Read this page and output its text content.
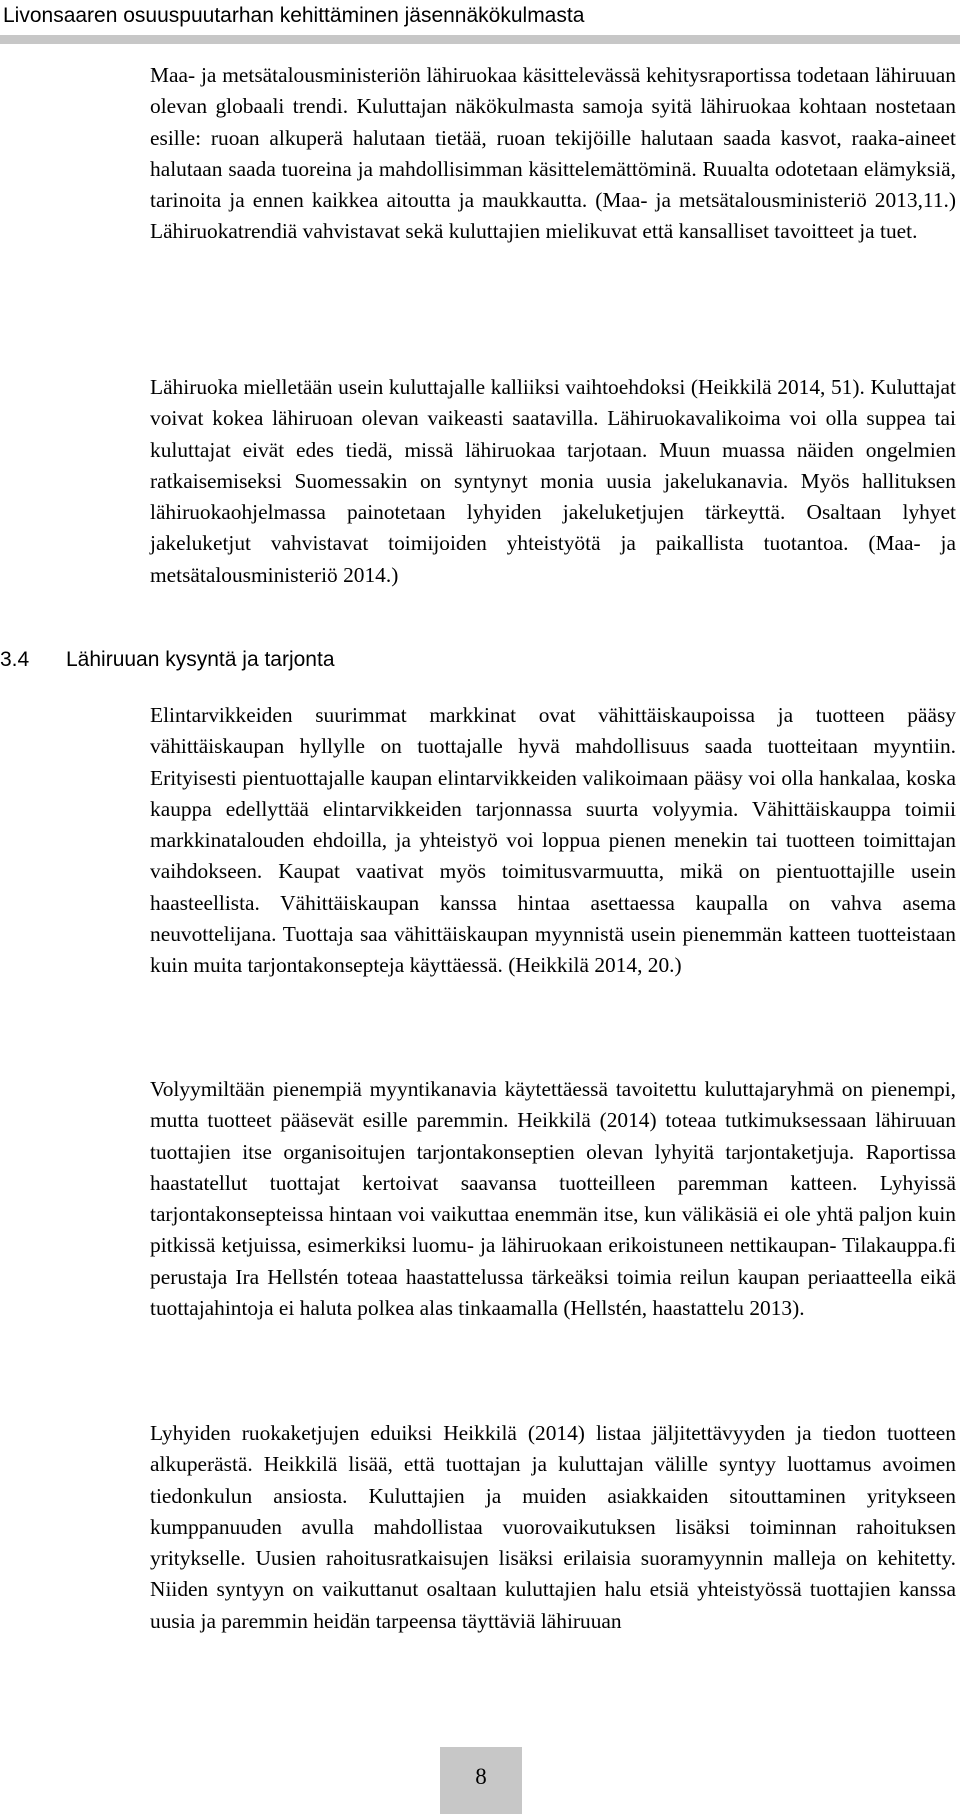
Livonsaaren osuuspuutarhan kehittäminen jäsennäkökulmasta
Maa- ja metsätalousministeriön lähiruokaa käsittelevässä kehitysraportissa todetaan lähiruuan olevan globaali trendi. Kuluttajan näkökulmasta samoja syitä lähiruokaa kohtaan nostetaan esille: ruoan alkuperä halutaan tietää, ruoan tekijöille halutaan saada kasvot, raaka-aineet halutaan saada tuoreina ja mahdollisimman käsittelemättöminä. Ruualta odotetaan elämyksiä, tarinoita ja ennen kaikkea aitoutta ja maukkautta. (Maa- ja metsätalousministeriö 2013,11.) Lähiruokatrendiä vahvistavat sekä kuluttajien mielikuvat että kansalliset tavoitteet ja tuet.
Lähiruoka mielletään usein kuluttajalle kalliiksi vaihtoehdoksi (Heikkilä 2014, 51). Kuluttajat voivat kokea lähiruoan olevan vaikeasti saatavilla. Lähiruokavalikoima voi olla suppea tai kuluttajat eivät edes tiedä, missä lähiruokaa tarjotaan. Muun muassa näiden ongelmien ratkaisemiseksi Suomessakin on syntynyt monia uusia jakelukanavia. Myös hallituksen lähiruokaohjelmassa painotetaan lyhyiden jakeluketjujen tärkeyttä. Osaltaan lyhyet jakeluketjut vahvistavat toimijoiden yhteistyötä ja paikallista tuotantoa. (Maa- ja metsätalousministeriö 2014.)
3.4 Lähiruuan kysyntä ja tarjonta
Elintarvikkeiden suurimmat markkinat ovat vähittäiskaupoissa ja tuotteen pääsy vähittäiskaupan hyllylle on tuottajalle hyvä mahdollisuus saada tuotteitaan myyntiin. Erityisesti pientuottajalle kaupan elintarvikkeiden valikoimaan pääsy voi olla hankalaa, koska kauppa edellyttää elintarvikkeiden tarjonnassa suurta volyymia. Vähittäiskauppa toimii markkinatalouden ehdoilla, ja yhteistyö voi loppua pienen menekin tai tuotteen toimittajan vaihdokseen. Kaupat vaativat myös toimitusvarmuutta, mikä on pientuottajille usein haasteellista. Vähittäiskaupan kanssa hintaa asettaessa kaupalla on vahva asema neuvottelijana. Tuottaja saa vähittäiskaupan myynnistä usein pienemmän katteen tuotteistaan kuin muita tarjontakonsepteja käyttäessä. (Heikkilä 2014, 20.)
Volyymiltään pienempiä myyntikanavia käytettäessä tavoitettu kuluttajaryhmä on pienempi, mutta tuotteet pääsevät esille paremmin. Heikkilä (2014) toteaa tutkimuksessaan lähiruuan tuottajien itse organisoitujen tarjontakonseptien olevan lyhyitä tarjontaketjuja. Raportissa haastatellut tuottajat kertoivat saavansa tuotteilleen paremman katteen. Lyhyissä tarjontakonsepteissa hintaan voi vaikuttaa enemmän itse, kun välikäsiä ei ole yhtä paljon kuin pitkissä ketjuissa, esimerkiksi luomu- ja lähiruokaan erikoistuneen nettikaupan- Tilakauppa.fi perustaja Ira Hellstén toteaa haastattelussa tärkeäksi toimia reilun kaupan periaatteella eikä tuottajahintoja ei haluta polkea alas tinkaamalla (Hellstén, haastattelu 2013).
Lyhyiden ruokaketjujen eduiksi Heikkilä (2014) listaa jäljitettävyyden ja tiedon tuotteen alkuperästä. Heikkilä lisää, että tuottajan ja kuluttajan välille syntyy luottamus avoimen tiedonkulun ansiosta. Kuluttajien ja muiden asiakkaiden sitouttaminen yritykseen kumppanuuden avulla mahdollistaa vuorovaikutuksen lisäksi toiminnan rahoituksen yritykselle. Uusien rahoitusratkaisujen lisäksi erilaisia suoramyynnin malleja on kehitetty. Niiden syntyyn on vaikuttanut osaltaan kuluttajien halu etsiä yhteistyössä tuottajien kanssa uusia ja paremmin heidän tarpeensa täyttäviä lähiruuan
8
